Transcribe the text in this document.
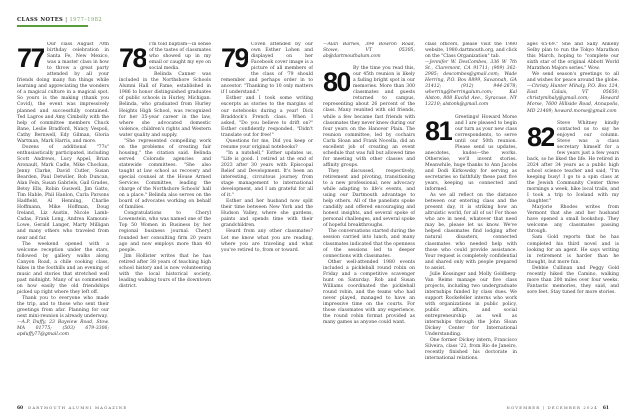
CLASS NOTES | 1977–1982

77 Our class August 70th birthday celebration in Santa Fe, New Mexico, was a master class in how to throw a great party attended by all your friends doing many fun things while learning and appreciating the wonders of a magical culture in a magical spot. So yours is the making (thank you Covid), the event was impressively planned and successfully contained. Ted Lagros and Amy Cimbolly with the help of committee members Chuck Bane, Leslie Bradford, Nancy Vespoli, Cathy Bernwell, Edy Gilman, Gloria Wartman, Mark Harris, and more.

Dozens of additional "77s" enthusiastically participated, including Scott Andrews, Lucy Appel, Brian Aronault, Mark Cadle, Mike Chockan, Jenny Clarke, David Cutler, Susan Bearden, Paul Detwiler, Bob Duncan, Alan Fein, Susan Gabriels, Gail Grades, Betsy Ells, Robin Guswell, Jim Gatto, Tim Hable, Phil Hanlon, Carla Parsons Hadfield, Al Henning, Charlie Hoffmann, Mike Hoffman, Doug Ireland, Liz Austin, Nicole Lamb-Cadas, Frank Long, Andrea Kamouni-Lowe, Gerald Langer, Marty Milligan and many others who traveled from near and far.

The weekend opened with a welcome reception under the stars, followed by gallery walks along Canyon Road, a chile cooking class, hikes in the foothills and an evening of music and stories that stretched well past midnight. Many of us commented on how easily the old friendships picked up right where they left off.

Thank you to everyone who made the trip, and to those who sent their greetings from afar. Planning for our next mini-reunion is already underway.

—A.P. Duffy, 23 Bayview Road, Stow, MA 01775; (503) 679-3306; apduffy77@gmail.com

78 I'm told baptism—in sense of the tastes of classmates who showed up in my email or caught my eye on social media.

Belinda Canner was included in the Northshore Schools Alumni Hall of Fame, established in 1986 to honor distinguished graduates of public schools in Hurley, Michigan. Belinda, who graduated from Hurley Heights High School, was recognized for her 35-year career in the law, where she advocated domestic violence, children's rights and Western water quality and supply.

"She represented compelling work on the problems of creating fair housing," the citation said. Belinda served Colorado agencies and statewide committees. "She also taught at law school as recovery and special counsel at the House Armed Services Committee, leading the charge of the Northshore Schools' hall on a place." Belinda also serves on the board of advocates working on behalf of families.

Congratulations to Cheryl Lowenstein, who was named one of the Top 50 Women in Business by her regional business journal. Cheryl founded her consulting firm 20 years ago and now employs more than 40 people.

Jim Hollister writes that he has retired after 38 years of teaching high school history and is now volunteering with the local historical society, leading walking tours of the downtown district.

79 Coven attended by our own Esther Lohen and displayed on her Facebook cover image is a picture of all members of the class of '79 should remember and perhaps order in to ancestor. "Thanking to 10 only matters if I understand."

Esther and I took some writing excerpts as stories to the margins of our notebooks during a year! Dick Braddock's French class. When I asked, "Do you believe to drift on?" Esther confidently responded, "Didn't translate out for free!"

Questions for me, Did you keep or resume your original notebooks?

"In a nutshell," Esther updates us, "Life is good. I retired at the end of 2023 after 30 years with Episcopal Relief and Development. It's been an interesting, circuitous journey from stage management to international development, and I am grateful for all of it."

Esther and her husband now split their time between New York and the Hudson Valley, where she gardens, paints and spends time with their grandchildren.

Heard from any other classmates? Let me know what you are reading, where you are traveling and what you've retired to, from or toward.

—Alan Barnes, 394 Bowron Road, Stowe, VT 05305; ab@dartmouthalum.com

80 By the time you read this, our 45th reunion is likely a fading bright spot in our memories. More than 300 classmates and guests returned to campus, representing about 26 percent of the class. Many reunited with old friends, while a few became fast friends with classmates they never knew during our four years on the Hanover Plain. The reunion committee, led by cochairs Carla Sloan and Frank Nocella, did an excellent job of creating an event schedule that was full but allowed time for meeting with other classes and affinity groups.

They discussed, respectively, retirement and pivoting, transitioning to a new professional, new advocacy while adapting to life's events, and using our Dartmouth advantage to help others. All of the panelists spoke candidly and offered encouraging and honest insights, and several spoke of personal challenges, and several spoke of hopeful breakthroughs.

The conversations started during the session carried into lunch, and many classmates indicated that the openness of the sessions led to deeper connections with classmates.

Other well-attended 1980 events included a pickleball round robin on Friday and a competitive scavenger hunt on Saturday. Rob and Susan Williams coordinated the pickleball round robin, and the teams who had never played, managed to have an impressive time on the courts. For those classmates with any experience, the round robin format provided as many games as anyone could want.

class officers, please visit the 1980 website, 1980.dartmouth.org, and click on the "Class Organization" tab.

—Jennifer W. DesCombes, 336 W 7th St., Claremont, CA 91711; (909) 362-2985; descombes@gmail.com; Wade Herring, P.O. Box 8899, Savannah, GA 31412; (912) 944-2678; wherring@herringalum.com; Kal Alston, 808 Euclid Ave., Syracuse, NY 13210; alstonk@gmail.com

81 Greetings! Howard Morse and I are pleased to begin our turn as your new class correspondents, to serve until our 50th reunion. Please send us updates, anecdotes, kudos—the works. Otherwise, we'll invent stories. Meanwhile, huge thanks to Ann Jacobs and Dodi Kirkowsky for serving as secretaries so faithfully these past five years, keeping us connected and informed.

As we all reflect on the distance between our entering class and the present day, it is striking how an altruistic world, for all of us! For those who are in need, whatever that need may be, please let us know. We've helped classmates find lodging after natural disasters, connected classmates who needed help with those who could provide assistance. Your request is completely confidential and shared only with people prepared to assist.

Julie Kossinger and Molly Goldberg-Van Reims manage our five class projects, including two undergraduate internships funded by class dues. We support Rockefeller interns who work with organizations in public policy, public affairs, and social entrepreneurship as well as internships through the John Sloan Dickey Center for International Understanding.

One former Dickey intern, Francisco Silveira, class '22, from Rio de Janeiro, recently finished his doctorate in international relations.

ages 65-69." She and Sally Ankeny Selby plan to run the Tokyo Marathon this March, hoping to "complete our sixth star of the original Abbott World Marathon Majors series." Wow.

We send season's greetings to all and wishes for peace around the globe.

—Christy Hunter Mihaly, P.O. Box 124, East Calais, VT 05650; christymihaly@gmail.com; Howard Morse, 7600 Hillside Road, Annapolis, MD 21409; howard.morse@gmail.com

82 Steve Whitney kindly contacted us to say he enjoyed our column. Steve was a class secretary himself for a few years just a few years back, so he liked the life. He retired in 2024 after 34 years as a public high school science teacher and said, "I'm keeping busy! I go to a spin class at the Jewish Community Center three mornings a week, hike local trails, and I took a trip to Iceland with my daughter."

Marjorie Rhodes writes from Vermont that she and her husband have opened a small bookshop. They welcome any classmates passing through.

Sam Gold reports that he has completed his third novel and is looking for an agent. He says writing in retirement is harder than he thought, but more fun.

Debbie Cullinan and Peggy Gold recently hiked the Camino, walking more than 200 miles over four weeks. Fantastic memories, they said, and sore feet. Stay tuned for more stories.

60 DARTMOUTH ALUMNI MAGAZINE	NOVEMBER | DECEMBER 2024 61
